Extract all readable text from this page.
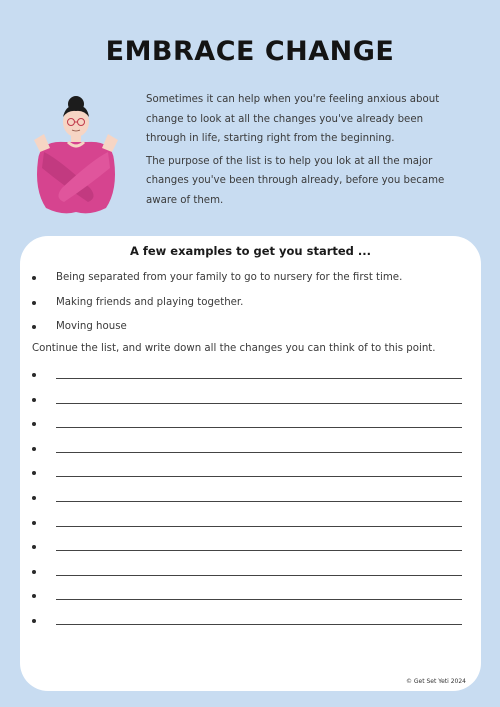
EMBRACE CHANGE

Sometimes it can help when you're feeling anxious about change to look at all the changes you've already been through in life, starting right from the beginning.

The purpose of the list is to help you lok at all the major changes you've been through already, before you became aware of them.

A few examples to get you started ...
Being separated from your family to go to nursery for the first time.
Making friends and playing together.
Moving house
Continue the list, and write down all the changes you can think of to this point.
© Get Set Yeti 2024
